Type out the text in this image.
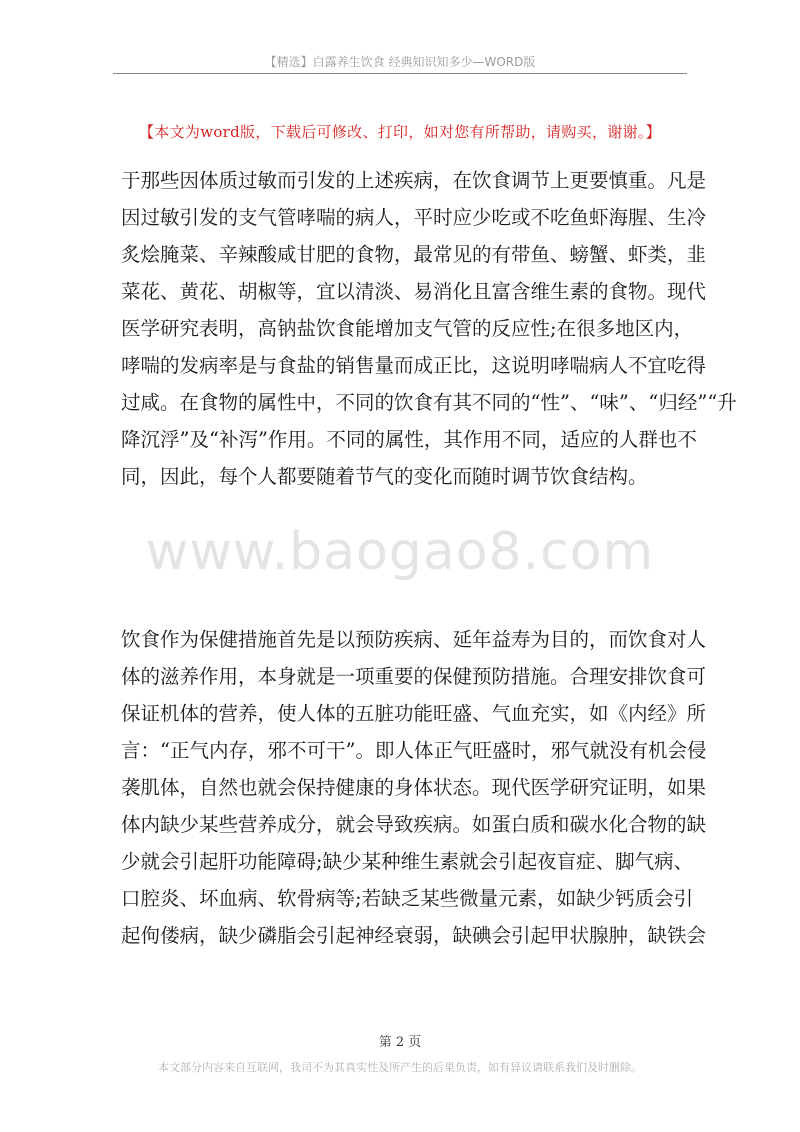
【精选】白露养生饮食 经典知识知多少—WORD版
【本文为word版，下载后可修改、打印，如对您有所帮助，请购买，谢谢。】

于那些因体质过敏而引发的上述疾病，在饮食调节上更要慎重。凡是

因过敏引发的支气管哮喘的病人，平时应少吃或不吃鱼虾海腥、生冷

炙烩腌菜、辛辣酸咸甘肥的食物，最常见的有带鱼、螃蟹、虾类，韭

菜花、黄花、胡椒等，宜以清淡、易消化且富含维生素的食物。现代

医学研究表明，高钠盐饮食能增加支气管的反应性;在很多地区内，

哮喘的发病率是与食盐的销售量而成正比，这说明哮喘病人不宜吃得

过咸。在食物的属性中，不同的饮食有其不同的“性”、“味”、“归经”“升

降沉浮”及“补泻”作用。不同的属性，其作用不同，适应的人群也不

同，因此，每个人都要随着节气的变化而随时调节饮食结构。

www.baogao8.com

饮食作为保健措施首先是以预防疾病、延年益寿为目的，而饮食对人

体的滋养作用，本身就是一项重要的保健预防措施。合理安排饮食可

保证机体的营养，使人体的五脏功能旺盛、气血充实，如《内经》所

言：“正气内存，邪不可干”。即人体正气旺盛时，邪气就没有机会侵

袭肌体，自然也就会保持健康的身体状态。现代医学研究证明，如果

体内缺少某些营养成分，就会导致疾病。如蛋白质和碳水化合物的缺

少就会引起肝功能障碍;缺少某种维生素就会引起夜盲症、脚气病、

口腔炎、坏血病、软骨病等;若缺乏某些微量元素，如缺少钙质会引

起佝偻病，缺少磷脂会引起神经衰弱，缺碘会引起甲状腺肿，缺铁会

第 2 页
本文部分内容来自互联网，我司不为其真实性及所产生的后果负责，如有异议请联系我们及时删除。
